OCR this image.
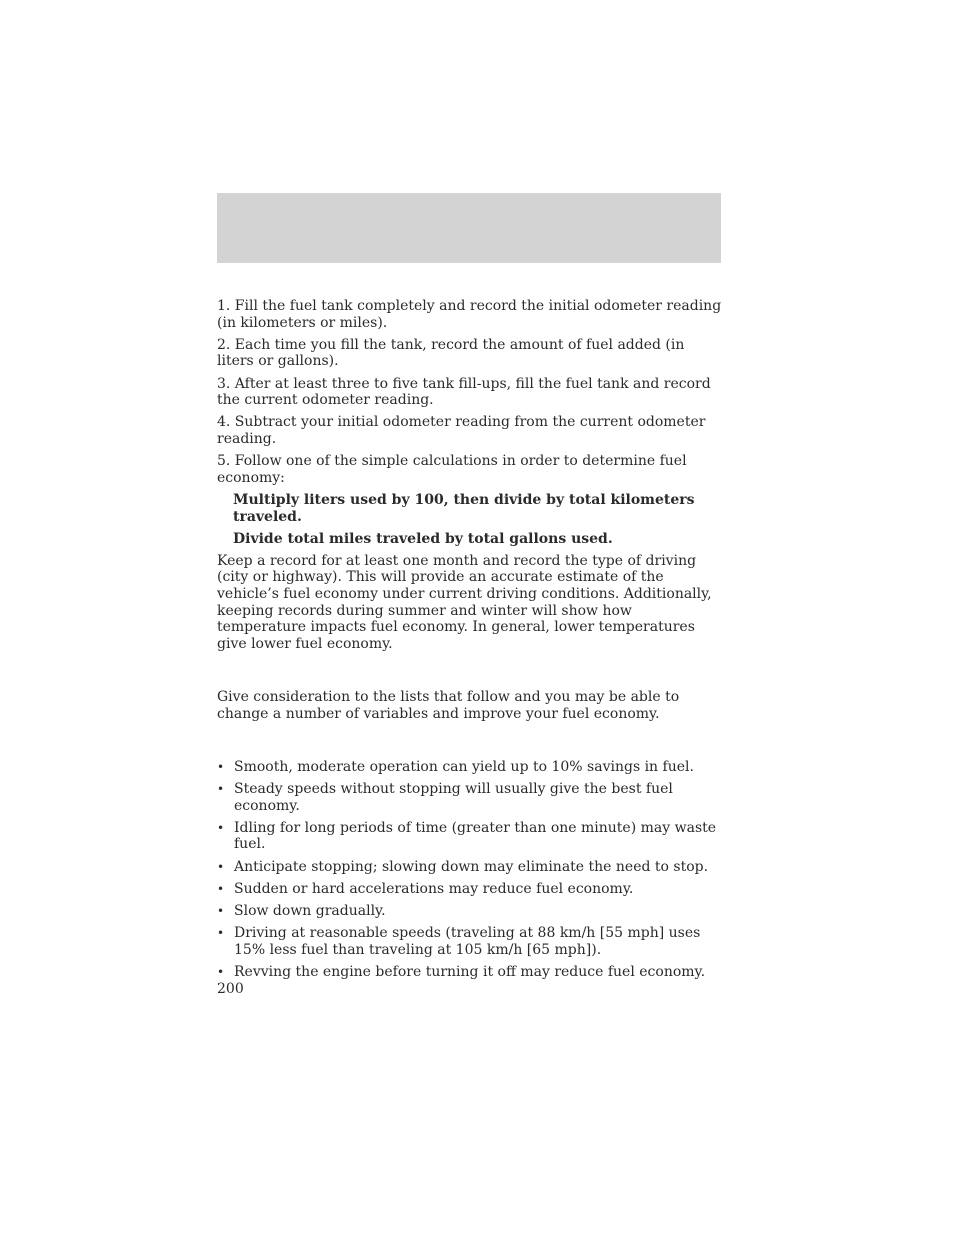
1. Fill the fuel tank completely and record the initial odometer reading (in kilometers or miles).

2. Each time you fill the tank, record the amount of fuel added (in liters or gallons).

3. After at least three to five tank fill-ups, fill the fuel tank and record the current odometer reading.

4. Subtract your initial odometer reading from the current odometer reading.

5. Follow one of the simple calculations in order to determine fuel economy:

Multiply liters used by 100, then divide by total kilometers traveled.

Divide total miles traveled by total gallons used.

Keep a record for at least one month and record the type of driving (city or highway). This will provide an accurate estimate of the vehicle’s fuel economy under current driving conditions. Additionally, keeping records during summer and winter will show how temperature impacts fuel economy. In general, lower temperatures give lower fuel economy.

Give consideration to the lists that follow and you may be able to change a number of variables and improve your fuel economy.

• Smooth, moderate operation can yield up to 10% savings in fuel.
• Steady speeds without stopping will usually give the best fuel economy.
• Idling for long periods of time (greater than one minute) may waste fuel.
• Anticipate stopping; slowing down may eliminate the need to stop.
• Sudden or hard accelerations may reduce fuel economy.
• Slow down gradually.
• Driving at reasonable speeds (traveling at 88 km/h [55 mph] uses 15% less fuel than traveling at 105 km/h [65 mph]).
• Revving the engine before turning it off may reduce fuel economy.
200
